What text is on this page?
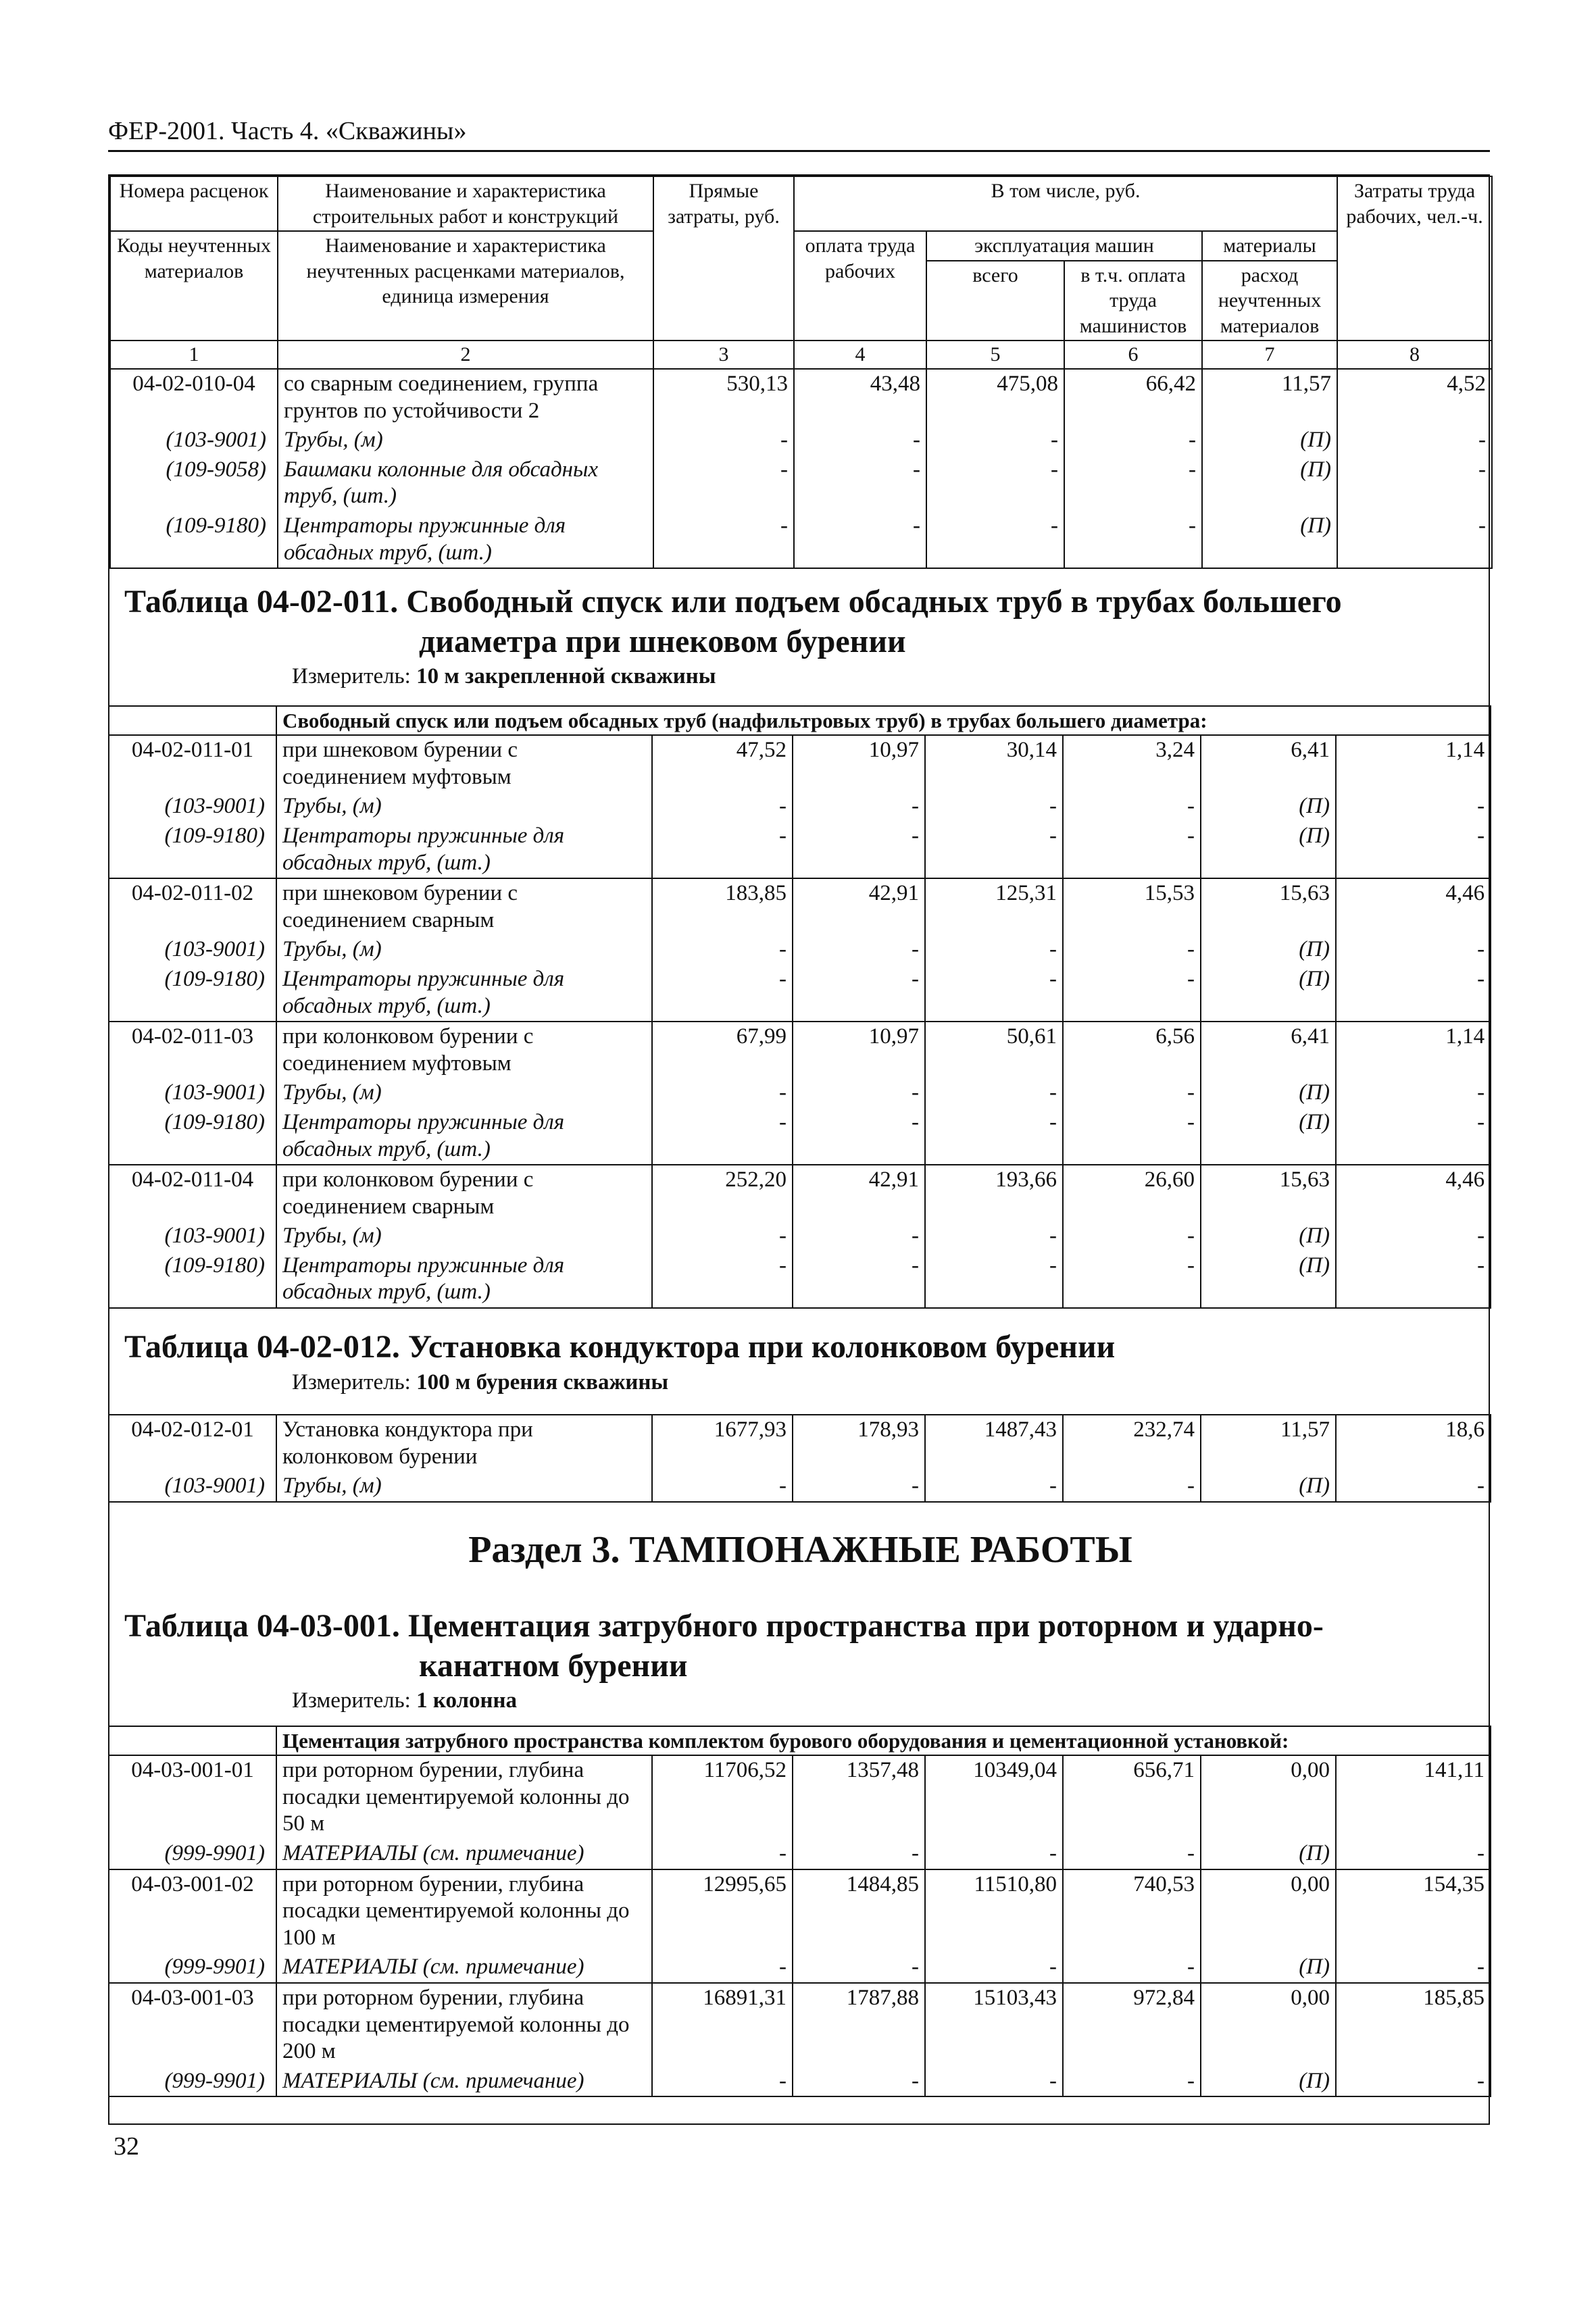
ФЕР-2001. Часть 4. «Скважины»
Номера расценок	Наименование и характеристика строительных работ и конструкций	Прямые затраты, руб.	В том числе, руб.				Затраты труда рабочих, чел.-ч.
Коды неучтенных материалов	Наименование и характеристика неучтенных расценками материалов, единица измерения		оплата труда рабочих	эксплуатация машин		материалы	
				всего	в т.ч. оплата труда машинистов	расход неучтенных материалов	
1	2	3	4	5	6	7	8
04-02-010-04	со сварным соединением, группа грунтов по устойчивости 2	530,13	43,48	475,08	66,42	11,57	4,52
(103-9001)	Трубы, (м)	-	-	-	-	(П)	-
(109-9058)	Башмаки колонные для обсадных труб, (шт.)	-	-	-	-	(П)	-
(109-9180)	Центраторы пружинные для обсадных труб, (шт.)	-	-	-	-	(П)	-

Таблица 04-02-011. Свободный спуск или подъем обсадных труб в трубах большего
диаметра при шнековом бурении

Измеритель: 10 м закрепленной скважины

	Свободный спуск или подъем обсадных труб (надфильтровых труб) в трубах большего диаметра:						
04-02-011-01	при шнековом бурении с соединением муфтовым	47,52	10,97	30,14	3,24	6,41	1,14
(103-9001)	Трубы, (м)	-	-	-	-	(П)	-
(109-9180)	Центраторы пружинные для обсадных труб, (шт.)	-	-	-	-	(П)	-
04-02-011-02	при шнековом бурении с соединением сварным	183,85	42,91	125,31	15,53	15,63	4,46
(103-9001)	Трубы, (м)	-	-	-	-	(П)	-
(109-9180)	Центраторы пружинные для обсадных труб, (шт.)	-	-	-	-	(П)	-
04-02-011-03	при колонковом бурении с соединением муфтовым	67,99	10,97	50,61	6,56	6,41	1,14
(103-9001)	Трубы, (м)	-	-	-	-	(П)	-
(109-9180)	Центраторы пружинные для обсадных труб, (шт.)	-	-	-	-	(П)	-
04-02-011-04	при колонковом бурении с соединением сварным	252,20	42,91	193,66	26,60	15,63	4,46
(103-9001)	Трубы, (м)	-	-	-	-	(П)	-
(109-9180)	Центраторы пружинные для обсадных труб, (шт.)	-	-	-	-	(П)	-

Таблица 04-02-012. Установка кондуктора при колонковом бурении

Измеритель: 100 м бурения скважины

04-02-012-01	Установка кондуктора при колонковом бурении	1677,93	178,93	1487,43	232,74	11,57	18,6
(103-9001)	Трубы, (м)	-	-	-	-	(П)	-

Раздел 3. ТАМПОНАЖНЫЕ РАБОТЫ

Таблица 04-03-001. Цементация затрубного пространства при роторном и ударно-
канатном бурении

Измеритель: 1 колонна

	Цементация затрубного пространства комплектом бурового оборудования и цементационной установкой:						
04-03-001-01	при роторном бурении, глубина посадки цементируемой колонны до 50 м	11706,52	1357,48	10349,04	656,71	0,00	141,11
(999-9901)	МАТЕРИАЛЫ (см. примечание)	-	-	-	-	(П)	-
04-03-001-02	при роторном бурении, глубина посадки цементируемой колонны до 100 м	12995,65	1484,85	11510,80	740,53	0,00	154,35
(999-9901)	МАТЕРИАЛЫ (см. примечание)	-	-	-	-	(П)	-
04-03-001-03	при роторном бурении, глубина посадки цементируемой колонны до 200 м	16891,31	1787,88	15103,43	972,84	0,00	185,85
(999-9901)	МАТЕРИАЛЫ (см. примечание)	-	-	-	-	(П)	-
32
